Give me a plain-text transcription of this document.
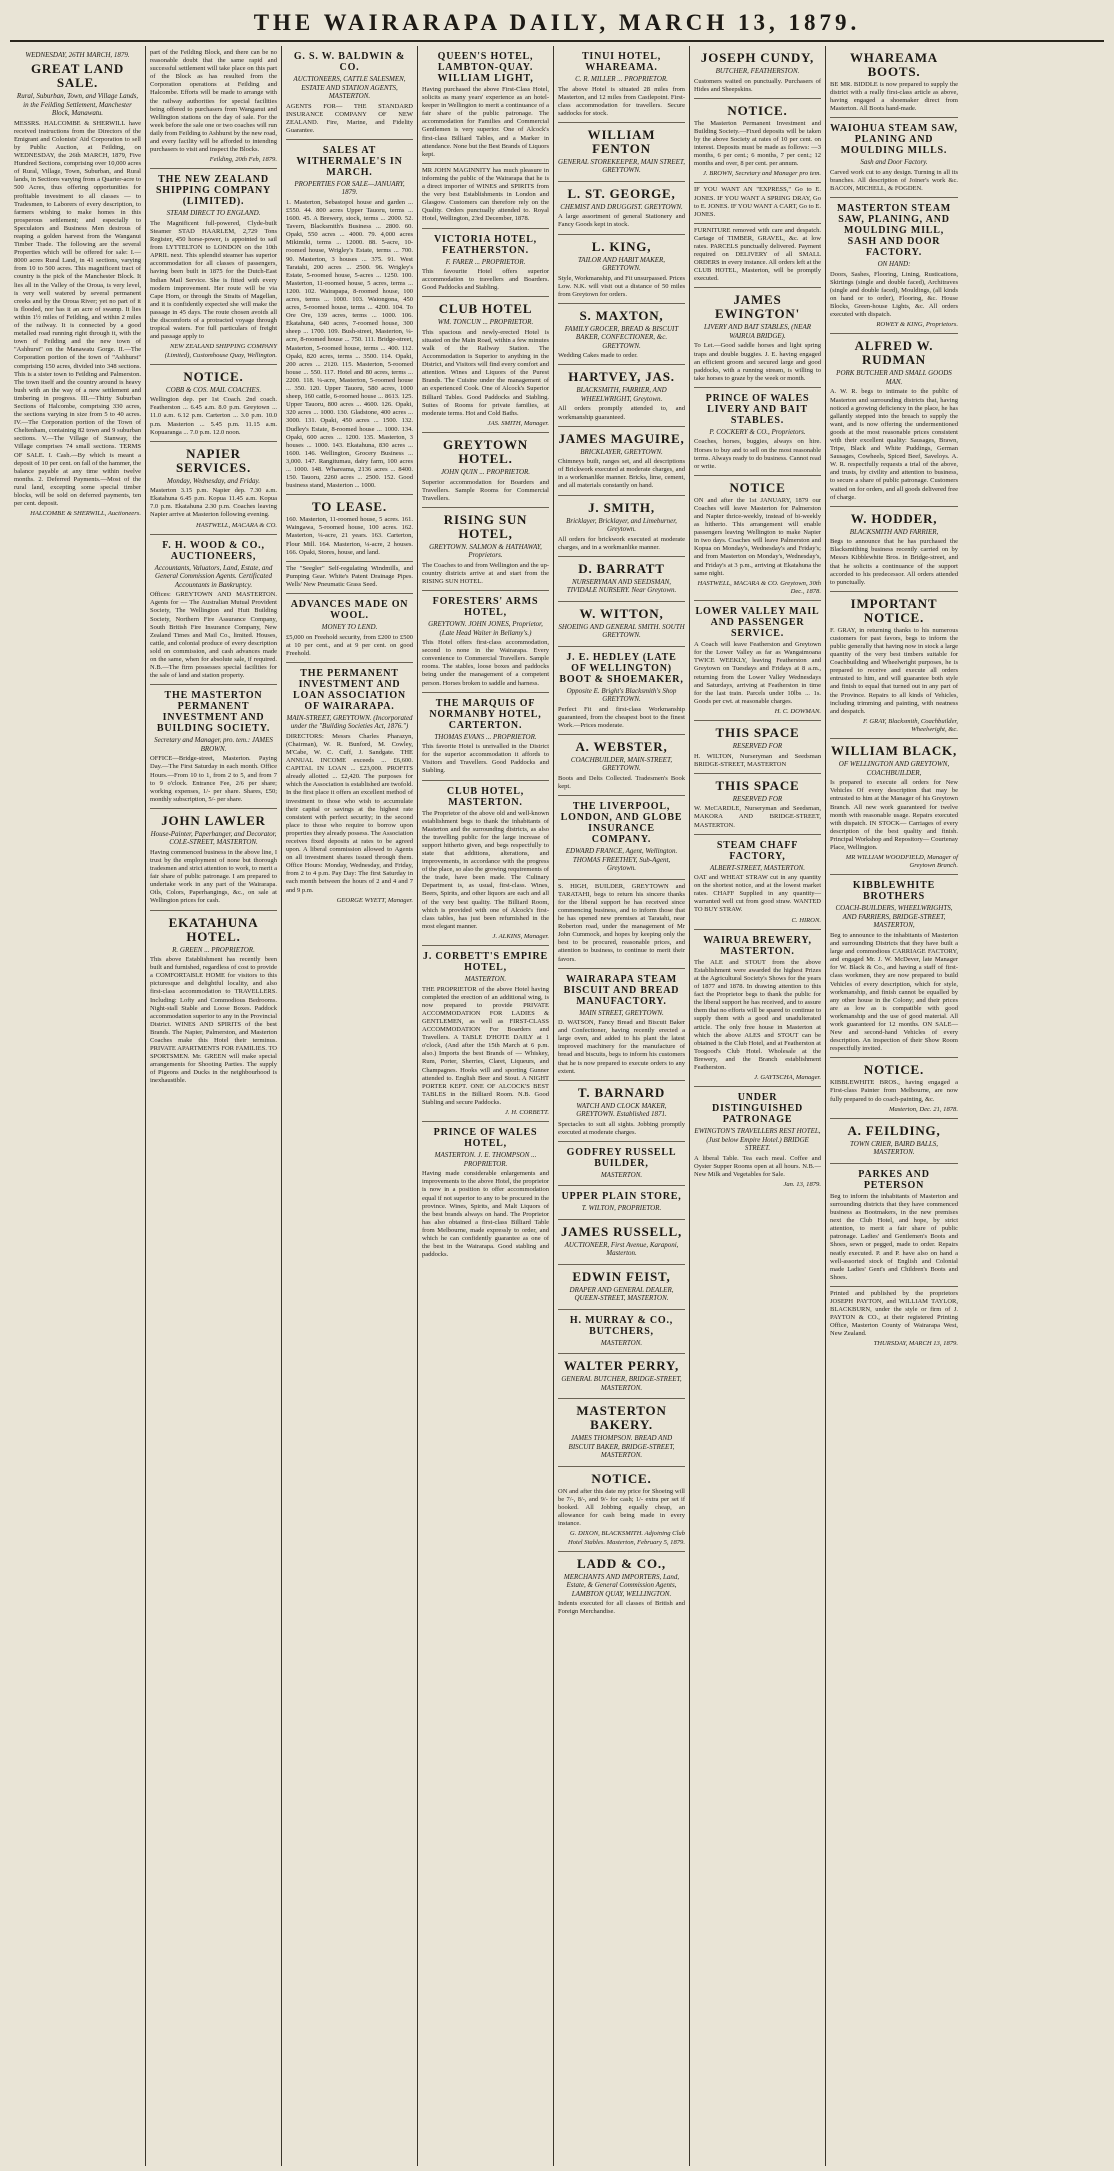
THE WAIRARAPA DAILY, MARCH 13, 1879.
WEDNESDAY, 26TH MARCH, 1879.
GREAT LAND SALE.
Rural, Suburban, Town, and Village Lands, in the Feilding Settlement, Manchester Block, Manawatu.
MESSRS. HALCOMBE & SHERWILL have received instructions from the Directors of the Emigrant and Colonists' Aid Corporation to sell by Public Auction, at Feilding, on WEDNESDAY, the 26th MARCH, 1879, Five Hundred Sections, comprising over 10,000 acres of Rural, Village, Town, Suburban, and Rural lands, in Sections varying from a Quarter-acre to 500 Acres, thus offering opportunities for profitable investment to all classes — to Tradesmen, to Laborers of every description, to farmers wishing to make homes in this prosperous settlement; and especially to Speculators and Business Men desirous of reaping a golden harvest from the Wanganui Timber Trade. The following are the several Properties which will be offered for sale: I.—8000 acres Rural Land, in 41 sections, varying from 10 to 500 acres. This magnificent tract of country is the pick of the Manchester Block. It lies all in the Valley of the Oroua, is very level, is very well watered by several permanent creeks and by the Oroua River; yet no part of it is flooded, nor has it an acre of swamp. It lies within 1½ miles of Feilding, and within 2 miles of the railway. It is connected by a good metalled road running right through it, with the town of Feilding and the new town of "Ashhurst" on the Manawatu Gorge. II.—The Corporation portion of the town of "Ashhurst" comprising 150 acres, divided into 348 sections. This is a sister town to Feilding and Palmerston. The town itself and the country around is heavy bush with an the way of a new settlement and timbering in progress. III.—Thirty Suburban Sections of Halcombe, comprising 330 acres, the sections varying in size from 5 to 40 acres. IV.—The Corporation portion of the Town of Cheltenham, containing 82 town and 9 suburban sections. V.—The Village of Stanway, the Village comprises 74 small sections. TERMS OF SALE. I. Cash.—By which is meant a deposit of 10 per cent. on fall of the hammer, the balance payable at any time within twelve months. 2. Deferred Payments.—Most of the rural land, excepting some special timber blocks, will be sold on deferred payments, ten per cent. deposit.
HALCOMBE & SHERWILL, Auctioneers.
part of the Feilding Block, and there can be no reasonable doubt that the same rapid and successful settlement will take place on this part of the Block as has resulted from the Corporation operations at Feilding and Halcombe. Efforts will be made to arrange with the railway authorities for special facilities being offered to purchasers from Wanganui and Wellington stations on the day of sale. For the week before the sale one or two coaches will run daily from Feilding to Ashhurst by the new road, and every facility will be afforded to intending purchasers to visit and inspect the Blocks.
Feilding, 20th Feb, 1879.
THE NEW ZEALAND SHIPPING COMPANY (LIMITED).
STEAM DIRECT TO ENGLAND.
The Magnificent full-powered, Clyde-built Steamer STAD HAARLEM, 2,729 Tons Register, 450 horse-power, is appointed to sail from LYTTELTON to LONDON on the 10th APRIL next. This splendid steamer has superior accommodation for all classes of passengers, having been built in 1875 for the Dutch-East Indian Mail Service. She is fitted with every modern improvement. Her route will be via Cape Horn, or through the Straits of Magellan, and it is confidently expected she will make the passage in 45 days. The route chosen avoids all the discomforts of a protracted voyage through tropical waters. For full particulars of freight and passage apply to
NEW ZEALAND SHIPPING COMPANY (Limited), Customhouse Quay, Wellington.
NOTICE.
COBB & COS. MAIL COACHES.
Wellington dep. per 1st Coach. 2nd coach. Featherston ... 6.45 a.m. 8.0 p.m. Greytown ... 11.0 a.m. 6.12 p.m. Carterton ... 3.0 p.m. 10.0 p.m. Masterton ... 5.45 p.m. 11.15 a.m. Kopuaranga ... 7.0 p.m. 12.0 noon.
NAPIER SERVICES.
Monday, Wednesday, and Friday.
Masterton 3.15 p.m. Napier dep. 7.30 a.m. Ekatahuna 6.45 p.m. Kopua 11.45 a.m. Kopua 7.0 p.m. Ekatahuna 2.30 p.m. Coaches leaving Napier arrive at Masterton following evening.
HASTWELL, MACARA & CO.
F. H. WOOD & CO., AUCTIONEERS,
Accountants, Valuators, Land, Estate, and General Commission Agents. Certificated Accountants in Bankruptcy.
Offices: GREYTOWN AND MASTERTON. Agents for — The Australian Mutual Provident Society, The Wellington and Hutt Building Society, Northern Fire Assurance Company, South British Fire Insurance Company, New Zealand Times and Mail Co., limited. Houses, cattle, and colonial produce of every description sold on commission, and cash advances made on the same, when for absolute sale, if required. N.B.—The firm possesses special facilities for the sale of land and station property.
THE MASTERTON PERMANENT INVESTMENT AND BUILDING SOCIETY.
Secretary and Manager, pro. tem.: JAMES BROWN.
OFFICE—Bridge-street, Masterton. Paying Day.—The First Saturday in each month. Office Hours.—From 10 to 1, from 2 to 5, and from 7 to 9 o'clock. Entrance Fee, 2/6 per share; working expenses, 1/- per share. Shares, £50; monthly subscription, 5/- per share.
JOHN LAWLER
House-Painter, Paperhanger, and Decorator, COLE-STREET, MASTERTON.
Having commenced business in the above line, I trust by the employment of none but thorough tradesmen and strict attention to work, to merit a fair share of public patronage. I am prepared to undertake work in any part of the Wairarapa. Oils, Colors, Paperhangings, &c., on sale at Wellington prices for cash.
EKATAHUNA HOTEL.
R. GREEN ... PROPRIETOR.
This above Establishment has recently been built and furnished, regardless of cost to provide a COMFORTABLE HOME for visitors to this picturesque and delightful locality, and also first-class accommodation to TRAVELLERS. Including: Lofty and Commodious Bedrooms. Night-stall Stable and Loose Boxes. Paddock accommodation superior to any in the Provincial District. WINES AND SPIRITS of the best Brands. The Napier, Palmerston, and Masterton Coaches make this Hotel their terminus. PRIVATE APARTMENTS FOR FAMILIES. TO SPORTSMEN. Mr. GREEN will make special arrangements for Shooting Parties. The supply of Pigeons and Ducks in the neighbourhood is inexhaustible.
G. S. W. BALDWIN & CO.
AUCTIONEERS, CATTLE SALESMEN, ESTATE AND STATION AGENTS, MASTERTON.
AGENTS FOR— THE STANDARD INSURANCE COMPANY OF NEW ZEALAND. Fire, Marine, and Fidelity Guarantee.
SALES AT WITHERMALE'S IN MARCH.
PROPERTIES FOR SALE—JANUARY, 1879.
1. Masterton, Sebastopol house and garden ... £550. 44. 800 acres Upper Tauoru, terms ... 1600. 45. A Brewery, stock, terms ... 2000. 52. Tavern, Blacksmith's Business ... 2800. 60. Opaki, 550 acres ... 4000. 79. 4,000 acres Mikimiki, terms ... 12000. 88. 5-acre, 10-roomed house, Wrigley's Estate, terms ... 700. 90. Masterton, 3 houses ... 375. 91. West Taratahi, 200 acres ... 2500. 96. Wrigley's Estate, 5-roomed house, 5-acres ... 1250. 100. Masterton, 11-roomed house, 5 acres, terms ... 1200. 102. Wairapapa, 8-roomed house, 100 acres, terms ... 1000. 103. Waiongona, 450 acres, 5-roomed house, terms ... 4200. 104. To Ore Ore, 139 acres, terms ... 1000. 106. Ekatahuna, 640 acres, 7-roomed house, 300 sheep ... 1700. 109. Bush-street, Masterton, ¼-acre, 8-roomed house ... 750. 111. Bridge-street, Masterton, 5-roomed house, terms ... 400. 112. Opaki, 820 acres, terms ... 3500. 114. Opaki, 200 acres ... 2120. 115. Masterton, 5-roomed house ... 550. 117. Hotel and 80 acres, terms ... 2200. 118. ¼-acre, Masterton, 5-roomed house ... 350. 120. Upper Tauoru, 580 acres, 1000 sheep, 160 cattle, 6-roomed house ... 8613. 125. Upper Tauoru, 800 acres ... 4600. 126. Opaki, 320 acres ... 1000. 130. Gladstone, 400 acres ... 3000. 131. Opaki, 450 acres ... 1500. 132. Dudley's Estate, 8-roomed house ... 1000. 134. Opaki, 600 acres ... 1200. 135. Masterton, 3 houses ... 1000. 143. Ekatahuna, 830 acres ... 1600. 146. Wellington, Grocery Business ... 3,000. 147. Rangitumau, dairy farm, 100 acres ... 1000. 148. Whareama, 2136 acres ... 8400. 150. Tauoru, 2260 acres ... 2500. 152. Good business stand, Masterton ... 1000.
TO LEASE.
160. Masterton, 11-roomed house, 5 acres. 161. Waingawa, 5-roomed house, 100 acres. 162. Masterton, ¼-acre, 21 years. 163. Carterton, Flour Mill. 164. Masterton, ¼-acre, 2 houses. 166. Opaki, Stores, house, and land.
The "Seegler" Self-regulating Windmills, and Pumping Gear. White's Patent Drainage Pipes. Wells' New Pneumatic Grass Seed.
ADVANCES MADE ON WOOL.
MONEY TO LEND.
£5,000 on Freehold security, from £200 to £500 at 10 per cent., and at 9 per cent. on good Freehold.
THE PERMANENT INVESTMENT AND LOAN ASSOCIATION OF WAIRARAPA.
MAIN-STREET, GREYTOWN. (Incorporated under the "Building Societies Act, 1876.")
DIRECTORS: Messrs Charles Pharazyn, (Chairman), W. R. Bunford, M. Cowley, M'Cabe, W. C. Cuff, J. Sandgate. THE ANNUAL INCOME exceeds ... £6,600. CAPITAL IN LOAN ... £23,000. PROFITS already allotted ... £2,420. The purposes for which the Association is established are twofold. In the first place it offers an excellent method of investment to those who wish to accumulate their capital or savings at the highest rate consistent with perfect security; in the second place to those who require to borrow upon properties they already possess. The Association receives fixed deposits at rates to be agreed upon. A liberal commission allowed to Agents on all investment shares issued through them. Office Hours: Monday, Wednesday, and Friday, from 2 to 4 p.m. Pay Day: The first Saturday in each month between the hours of 2 and 4 and 7 and 9 p.m.
GEORGE WYETT, Manager.
QUEEN'S HOTEL, LAMBTON-QUAY. WILLIAM LIGHT,
Having purchased the above First-Class Hotel, solicits as many years' experience as an hotel-keeper in Wellington to merit a continuance of a fair share of the public patronage. The accommodation for Families and Commercial Gentlemen is very superior. One of Alcock's first-class Billiard Tables, and a Marker in attendance. None but the Best Brands of Liquors kept.
MR JOHN MAGINNITY has much pleasure in informing the public of the Wairarapa that he is a direct importer of WINES and SPIRITS from the very best Establishments in London and Glasgow. Customers can therefore rely on the Quality. Orders punctually attended to. Royal Hotel, Wellington, 23rd December, 1878.
VICTORIA HOTEL, FEATHERSTON.
F. FARER ... PROPRIETOR.
This favourite Hotel offers superior accommodation to travellers and Boarders. Good Paddocks and Stabling.
CLUB HOTEL
WM. TONCUN ... PROPRIETOR.
This spacious and newly-erected Hotel is situated on the Main Road, within a few minutes walk of the Railway Station. The Accommodation is Superior to anything in the District, and Visitors will find every comfort and attention. Wines and Liquors of the Purest Brands. The Cuisine under the management of an experienced Cook. One of Alcock's Superior Billiard Tables. Good Paddocks and Stabling. Suites of Rooms for private families, at moderate terms. Hot and Cold Baths.
JAS. SMITH, Manager.
GREYTOWN HOTEL.
JOHN QUIN ... PROPRIETOR.
Superior accommodation for Boarders and Travellers. Sample Rooms for Commercial Travellers.
RISING SUN HOTEL,
GREYTOWN. SALMON & HATHAWAY, Proprietors.
The Coaches to and from Wellington and the up-country districts arrive at and start from the RISING SUN HOTEL.
FORESTERS' ARMS HOTEL,
GREYTOWN. JOHN JONES, Proprietor, (Late Head Waiter in Bellamy's.)
This Hotel offers first-class accommodation, second to none in the Wairarapa. Every convenience to Commercial Travellers. Sample rooms. The stables, loose boxes and paddocks being under the management of a competent person. Horses broken to saddle and harness.
THE MARQUIS OF NORMANBY HOTEL, CARTERTON.
THOMAS EVANS ... PROPRIETOR.
This favorite Hotel is unrivalled in the District for the superior accommodation it affords to Visitors and Travellers. Good Paddocks and Stabling.
CLUB HOTEL, MASTERTON.
The Proprietor of the above old and well-known establishment begs to thank the inhabitants of Masterton and the surrounding districts, as also the travelling public for the large increase of support hitherto given, and begs respectfully to state that additions, alterations, and improvements, in accordance with the progress of the place, so also the growing requirements of the trade, have been made. The Culinary Department is, as usual, first-class. Wines, Beers, Spirits, and other liquors are each and all of the very best quality. The Billiard Room, which is provided with one of Alcock's first-class tables, has just been refurnished in the most elegant manner.
J. ALKINS, Manager.
J. CORBETT'S EMPIRE HOTEL,
MASTERTON.
THE PROPRIETOR of the above Hotel having completed the erection of an additional wing, is now prepared to provide PRIVATE ACCOMMODATION FOR LADIES & GENTLEMEN, as well as FIRST-CLASS ACCOMMODATION For Boarders and Travellers. A TABLE D'HOTE DAILY at 1 o'clock, (And after the 15th March at 6 p.m. also.) Imports the best Brands of — Whiskey, Rum, Porter, Sherries, Claret, Liqueurs, and Champagnes. Hooks will and sporting Gunner attended to. English Beer and Stout. A NIGHT PORTER KEPT. ONE OF ALCOCK'S BEST TABLES in the Billiard Room. N.B. Good Stabling and secure Paddocks.
J. H. CORBETT.
PRINCE OF WALES HOTEL,
MASTERTON. J. E. THOMPSON ... PROPRIETOR.
Having made considerable enlargements and improvements to the above Hotel, the proprietor is now in a position to offer accommodation equal if not superior to any to be procured in the province. Wines, Spirits, and Malt Liquors of the best brands always on hand. The Proprietor has also obtained a first-class Billiard Table from Melbourne, made expressly to order, and which he can confidently guarantee as one of the best in the Wairarapa. Good stabling and paddocks.
TINUI HOTEL, WHAREAMA.
C. R. MILLER ... PROPRIETOR.
The above Hotel is situated 28 miles from Masterton, and 12 miles from Castlepoint. First-class accommodation for travellers. Secure saddocks for stock.
WILLIAM FENTON
GENERAL STOREKEEPER, MAIN STREET, GREYTOWN.
L. ST. GEORGE,
CHEMIST AND DRUGGIST. GREYTOWN.
A large assortment of general Stationery and Fancy Goods kept in stock.
L. KING,
TAILOR AND HABIT MAKER, GREYTOWN.
Style, Workmanship, and Fit unsurpassed. Prices Low. N.K. will visit out a distance of 50 miles from Greytown for orders.
S. MAXTON,
FAMILY GROCER, BREAD & BISCUIT BAKER, CONFECTIONER, &c. GREYTOWN.
Wedding Cakes made to order.
HARTVEY, JAS.
BLACKSMITH, FARRIER, AND WHEELWRIGHT, Greytown.
All orders promptly attended to, and workmanship guaranteed.
JAMES MAGUIRE,
BRICKLAYER, GREYTOWN.
Chimneys built, ranges set, and all descriptions of Brickwork executed at moderate charges, and in a workmanlike manner. Bricks, lime, cement, and all materials constantly on hand.
J. SMITH,
Bricklayer, Bricklayer, and Limeburner, Greytown.
All orders for brickwork executed at moderate charges, and in a workmanlike manner.
D. BARRATT
NURSERYMAN AND SEEDSMAN, TIVIDALE NURSERY. Near Greytown.
W. WITTON,
SHOEING AND GENERAL SMITH. SOUTH GREYTOWN.
J. E. HEDLEY (LATE OF WELLINGTON) BOOT & SHOEMAKER,
Opposite E. Bright's Blacksmith's Shop GREYTOWN.
Perfect Fit and first-class Workmanship guaranteed, from the cheapest boot to the finest Work.—Prices moderate.
A. WEBSTER,
COACHBUILDER, MAIN-STREET, GREYTOWN.
Boots and Delts Collected. Tradesmen's Book kept.
THE LIVERPOOL, LONDON, AND GLOBE INSURANCE COMPANY.
EDWARD FRANCE, Agent, Wellington. THOMAS FREETHEY, Sub-Agent, Greytown.
S. HIGH, BUILDER, GREYTOWN and TARATAHI, begs to return his sincere thanks for the liberal support he has received since commencing business, and to inform those that he has opened new premises at Taratahi, near Roberton road, under the management of Mr John Cummock, and hopes by keeping only the best to be procured, reasonable prices, and attention to business, to continue to merit their favors.
WAIRARAPA STEAM BISCUIT AND BREAD MANUFACTORY.
MAIN STREET, GREYTOWN.
D. WATSON, Fancy Bread and Biscuit Baker and Confectioner, having recently erected a large oven, and added to his plant the latest improved machinery for the manufacture of bread and biscuits, begs to inform his customers that he is now prepared to execute orders to any extent.
T. BARNARD
WATCH AND CLOCK MAKER, GREYTOWN. Established 1871.
Spectacles to suit all sights. Jobbing promptly executed at moderate charges.
GODFREY RUSSELL BUILDER,
MASTERTON.
UPPER PLAIN STORE,
T. WILTON, PROPRIETOR.
JAMES RUSSELL,
AUCTIONEER, First Avenue, Karaponi, Masterton.
EDWIN FEIST,
DRAPER AND GENERAL DEALER, QUEEN-STREET, MASTERTON.
H. MURRAY & CO., BUTCHERS,
MASTERTON.
WALTER PERRY,
GENERAL BUTCHER, BRIDGE-STREET, MASTERTON.
MASTERTON BAKERY.
JAMES THOMPSON. BREAD AND BISCUIT BAKER, BRIDGE-STREET, MASTERTON.
NOTICE.
ON and after this date my price for Shoeing will be 7/-, 8/-, and 9/- for cash; 1/- extra per set if booked. All Jobbing equally cheap, an allowance for cash being made in every instance.
G. DIXON, BLACKSMITH. Adjoining Club Hotel Stables. Masterton, February 5, 1879.
LADD & CO.,
MERCHANTS AND IMPORTERS, Land, Estate, & General Commission Agents, LAMBTON QUAY, WELLINGTON.
Indents executed for all classes of British and Foreign Merchandise.
JOSEPH CUNDY,
BUTCHER, FEATHERSTON.
Customers waited on punctually. Purchasers of Hides and Sheepskins.
NOTICE.
The Masterton Permanent Investment and Building Society.—Fixed deposits will be taken by the above Society at rates of 10 per cent. on interest. Deposits must be made as follows: —3 months, 6 per cent.; 6 months, 7 per cent.; 12 months and over, 8 per cent. per annum.
J. BROWN, Secretary and Manager pro tem.
IF YOU WANT AN "EXPRESS," Go to E. JONES. IF YOU WANT A SPRING DRAY, Go to E. JONES. IF YOU WANT A CART, Go to E. JONES.
FURNITURE removed with care and despatch. Cartage of TIMBER, GRAVEL, &c. at low rates. PARCELS punctually delivered. Payment required on DELIVERY of all SMALL ORDERS in every instance. All orders left at the CLUB HOTEL, Masterton, will be promptly executed.
JAMES EWINGTON'
LIVERY AND BAIT STABLES, (NEAR WAIRUA BRIDGE).
To Let.—Good saddle horses and light spring traps and double buggies. J. E. having engaged an efficient groom and secured large and good paddocks, with a running stream, is willing to take horses to graze by the week or month.
PRINCE OF WALES LIVERY AND BAIT STABLES.
P. COCKERY & CO., Proprietors.
Coaches, horses, buggies, always on hire. Horses to buy and to sell on the most reasonable terms. Always ready to do business. Cannot read or write.
NOTICE
ON and after the 1st JANUARY, 1879 our Coaches will leave Masterton for Palmerston and Napier thrice-weekly, instead of bi-weekly as hitherto. This arrangement will enable passengers leaving Wellington to make Napier in two days. Coaches will leave Palmerston and Kopua on Monday's, Wednesday's and Friday's; and from Masterton on Monday's, Wednesday's, and Friday's at 3 p.m., arriving at Ekatahuna the same night.
HASTWELL, MACARA & CO. Greytown, 30th Dec., 1878.
LOWER VALLEY MAIL AND PASSENGER SERVICE.
A Coach will leave Featherston and Greytown for the Lower Valley as far as Wangaimoana TWICE WEEKLY, leaving Featherston and Greytown on Tuesdays and Fridays at 8 a.m., returning from the Lower Valley Wednesdays and Saturdays, arriving at Featherston in time for the last train. Parcels under 10lbs ... 1s. Goods per cwt. at reasonable charges.
H. C. DOWMAN.
THIS SPACE
RESERVED FOR
H. WILTON, Nurseryman and Seedsman BRIDGE-STREET, MASTERTON
THIS SPACE
RESERVED FOR
W. McCARDLE, Nurseryman and Seedsman, MAKORA AND BRIDGE-STREET, MASTERTON.
STEAM CHAFF FACTORY,
ALBERT-STREET, MASTERTON.
OAT and WHEAT STRAW cut in any quantity on the shortest notice, and at the lowest market rates. CHAFF Supplied in any quantity—warranted well cut from good straw. WANTED TO BUY STRAW.
C. HIRON.
WAIRUA BREWERY, MASTERTON.
The ALE and STOUT from the above Establishment were awarded the highest Prizes at the Agricultural Society's Shows for the years of 1877 and 1878. In drawing attention to this fact the Proprietor begs to thank the public for the liberal support he has received, and to assure them that no efforts will be spared to continue to supply them with a good and unadulterated article. The only free house in Masterton at which the above ALES and STOUT can be obtained is the Club Hotel, and at Featherston at Toogood's Club Hotel. Wholesale at the Brewery, and the Branch establishment Featherston.
J. GAYTSCHA, Manager.
UNDER DISTINGUISHED PATRONAGE
EWINGTON'S TRAVELLERS REST HOTEL, (Just below Empire Hotel.) BRIDGE STREET.
A liberal Table. Tea each meal. Coffee and Oyster Supper Rooms open at all hours. N.B.—New Milk and Vegetables for Sale.
Jan. 13, 1879.
WHAREAMA BOOTS.
BE MR. BIDDLE is now prepared to supply the district with a really first-class article as above, having engaged a shoemaker direct from Masterton. All Boots hand-made.
WAIOHUA STEAM SAW, PLANING AND MOULDING MILLS.
Sash and Door Factory.
Carved work cut to any design. Turning in all its branches. All description of Joiner's work &c. BACON, MICHELL, & FOGDEN.
MASTERTON STEAM SAW, PLANING, AND MOULDING MILL, SASH AND DOOR FACTORY.
ON HAND:
Doors, Sashes, Flooring, Lining, Rustications, Skirtings (single and double faced), Architraves (single and double faced), Mouldings, (all kinds on hand or to order), Flooring, &c. House Blocks, Green-house Lights, &c. All orders executed with dispatch.
ROWEY & KING, Proprietors.
ALFRED W. RUDMAN
PORK BUTCHER AND SMALL GOODS MAN.
A. W. R. begs to intimate to the public of Masterton and surrounding districts that, having noticed a growing deficiency in the place, he has gallantly stepped into the breach to supply the want, and is now offering the undermentioned goods at the most reasonable prices consistent with their excellent quality: Sausages, Brawn, Tripe, Black and White Puddings, German Sausages, Cowheels, Spiced Beef, Saveloys. A. W. R. respectfully requests a trial of the above, and trusts, by civility and attention to business, to secure a share of public patronage. Customers waited on for orders, and all goods delivered free of charge.
W. HODDER,
BLACKSMITH AND FARRIER,
Begs to announce that he has purchased the Blacksmithing business recently carried on by Messrs Kibblewhite Bros. in Bridge-street, and that he solicits a continuance of the support accorded to his predecessor. All orders attended to punctually.
IMPORTANT NOTICE.
F. GRAY, in returning thanks to his numerous customers for past favors, begs to inform the public generally that having now in stock a large quantity of the very best timbers suitable for Coachbuilding and Wheelwright purposes, he is prepared to receive and execute all orders entrusted to him, and will guarantee both style and finish to equal that turned out in any part of the Province. Repairs to all kinds of Vehicles, including trimming and painting, with neatness and despatch.
F. GRAY, Blacksmith, Coachbuilder, Wheelwright, &c.
WILLIAM BLACK,
OF WELLINGTON AND GREYTOWN, COACHBUILDER,
Is prepared to execute all orders for New Vehicles Of every description that may be entrusted to him at the Manager of his Greytown Branch. All new work guaranteed for twelve month with reasonable usage. Repairs executed with dispatch. IN STOCK— Carriages of every description of the best quality and finish. Principal Workshop and Repository— Courtenay Place, Wellington.
MR WILLIAM WOODFIELD, Manager of Greytown Branch.
KIBBLEWHITE BROTHERS
COACH-BUILDERS, WHEELWRIGHTS, AND FARRIERS, BRIDGE-STREET, MASTERTON,
Beg to announce to the inhabitants of Masterton and surrounding Districts that they have built a large and commodious CARRIAGE FACTORY, and engaged Mr. J. W. McDever, late Manager for W. Black & Co., and having a staff of first-class workmen, they are now prepared to build Vehicles of every description, which for style, workmanship, and finish cannot be equalled by any other house in the Colony; and their prices are as low as is compatible with good workmanship and the use of good material. All work guaranteed for 12 months. ON SALE—New and second-hand Vehicles of every description. An inspection of their Show Room respectfully invited.
NOTICE.
KIBBLEWHITE BROS., having engaged a First-class Painter from Melbourne, are now fully prepared to do coach-painting, &c.
Masterton, Dec. 21, 1878.
A. FEILDING,
TOWN CRIER, BAIRD BALLS, MASTERTON.
PARKES AND PETERSON
Beg to inform the inhabitants of Masterton and surrounding districts that they have commenced business as Bootmakers, in the new premises next the Club Hotel, and hope, by strict attention, to merit a fair share of public patronage. Ladies' and Gentlemen's Boots and Shoes, sewn or pegged, made to order. Repairs neatly executed. P. and P. have also on hand a well-assorted stock of English and Colonial made Ladies' Gent's and Children's Boots and Shoes.
Printed and published by the proprietors JOSEPH PAYTON, and WILLIAM TAYLOR, BLACKBURN, under the style or firm of J. PAYTON & CO., at their registered Printing Office, Masterton County of Wairarapa West, New Zealand.
THURSDAY, MARCH 13, 1879.
